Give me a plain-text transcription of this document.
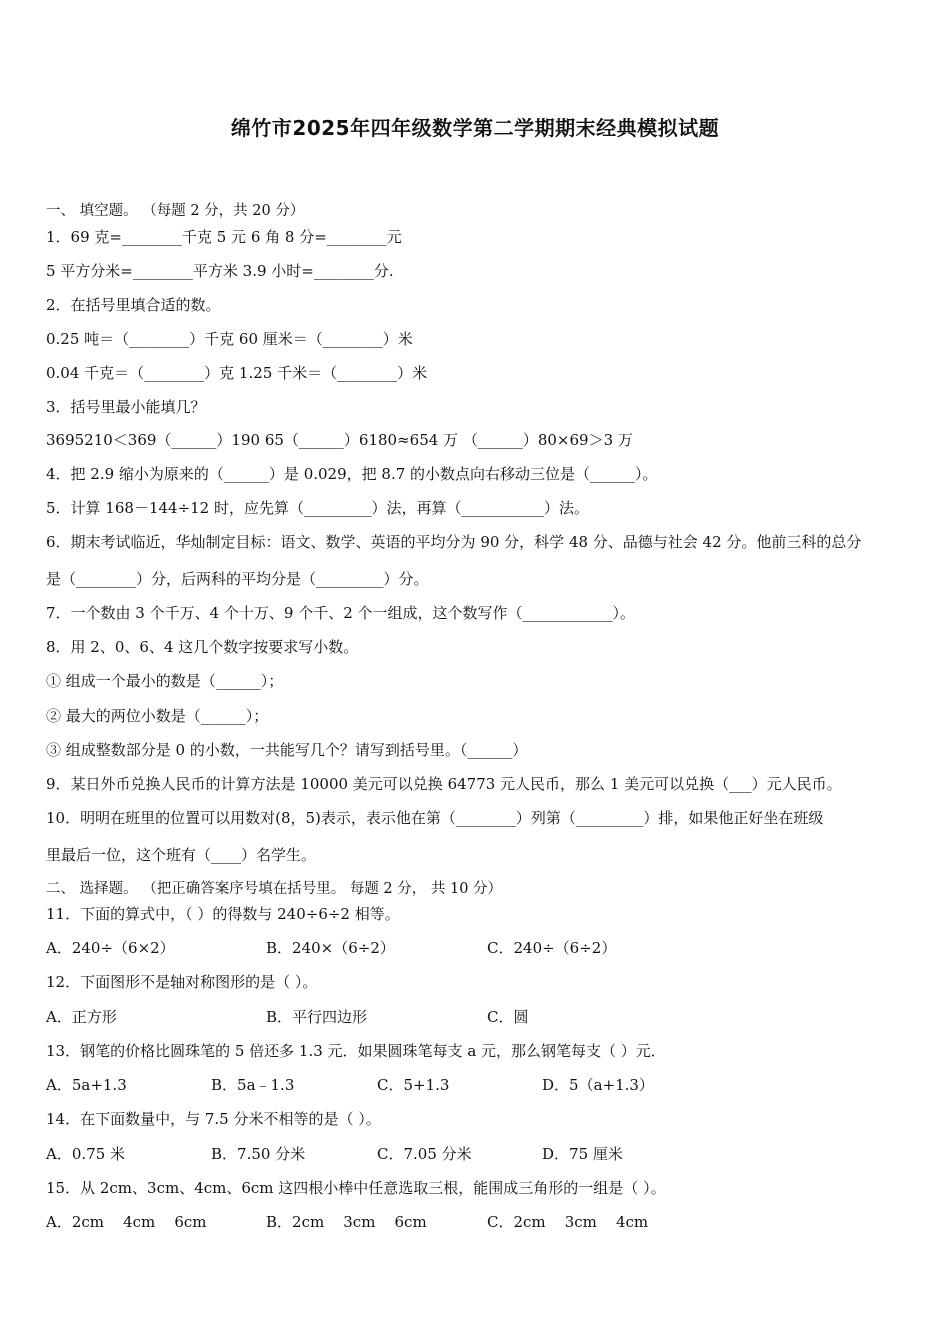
绵竹市2025年四年级数学第二学期期末经典模拟试题
一、 填空题。 （每题 2 分，共 20 分）
1．69 克=________千克 5 元 6 角 8 分=________元
5 平方分米=________平方米 3.9 小时=________分.
2．在括号里填合适的数。
0.25 吨＝（________）千克 60 厘米＝（________）米
0.04 千克＝（________）克 1.25 千米＝（________）米
3．括号里最小能填几？
3695210＜369（______）190 65（______）6180≈654 万 （______）80×69＞3 万
4．把 2.9 缩小为原来的（______）是 0.029，把 8.7 的小数点向右移动三位是（______）。
5．计算 168－144÷12 时，应先算（_________）法，再算（___________）法。
6．期末考试临近，华灿制定目标：语文、数学、英语的平均分为 90 分，科学 48 分、品德与社会 42 分。他前三科的总分
是（________）分，后两科的平均分是（_________）分。
7．一个数由 3 个千万、4 个十万、9 个千、2 个一组成，这个数写作（____________）。
8．用 2、0、6、4 这几个数字按要求写小数。
① 组成一个最小的数是（______）；
② 最大的两位小数是（______）；
③ 组成整数部分是 0 的小数，一共能写几个？请写到括号里。（______）
9．某日外币兑换人民币的计算方法是 10000 美元可以兑换 64773 元人民币，那么 1 美元可以兑换（___）元人民币。
10．明明在班里的位置可以用数对(8，5)表示，表示他在第（________）列第（_________）排，如果他正好坐在班级
里最后一位，这个班有（____）名学生。
二、 选择题。 （把正确答案序号填在括号里。 每题 2 分， 共 10 分）
11．下面的算式中，（ ）的得数与 240÷6÷2 相等。
A．240÷（6×2）	B．240×（6÷2）	C．240÷（6÷2）
12．下面图形不是轴对称图形的是（ ）。
A．正方形	B．平行四边形	C．圆
13．钢笔的价格比圆珠笔的 5 倍还多 1.3 元．如果圆珠笔每支 a 元，那么钢笔每支（ ）元．
A．5a+1.3	B．5a﹣1.3	C．5+1.3	D．5（a+1.3）
14．在下面数量中，与 7.5 分米不相等的是（ ）。
A．0.75 米	B．7.50 分米	C．7.05 分米	D．75 厘米
15．从 2cm、3cm、4cm、6cm 这四根小棒中任意选取三根，能围成三角形的一组是（ ）。
A．2cm    4cm    6cm	B．2cm    3cm    6cm	C．2cm    3cm    4cm
